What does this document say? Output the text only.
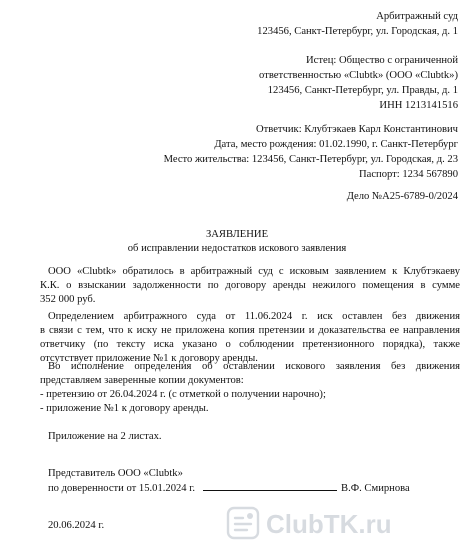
Арбитражный суд
123456, Санкт-Петербург, ул. Городская, д. 1
Истец: Общество с ограниченной
ответственностью «Clubtk» (ООО «Clubtk»)
123456, Санкт-Петербург, ул. Правды, д. 1
ИНН 1213141516
Ответчик: Клубтэкаев Карл Константинович
Дата, место рождения: 01.02.1990, г. Санкт-Петербург
Место жительства: 123456, Санкт-Петербург, ул. Городская, д. 23
Паспорт: 1234 567890
Дело №А25-6789-0/2024
ЗАЯВЛЕНИЕ
об исправлении недостатков искового заявления
ООО «Clubtk» обратилось в арбитражный суд с исковым заявлением к Клубтэкаеву
К.К. о взыскании задолженности по договору аренды нежилого помещения в сумме
352 000 руб.
Определением арбитражного суда от 11.06.2024 г. иск оставлен без движения
в связи с тем, что к иску не приложена копия претензии и доказательства ее направления
ответчику (по тексту иска указано о соблюдении претензионного порядка), также
отсутствует приложение №1 к договору аренды.
Во исполнение определения об оставлении искового заявления без движения
представляем заверенные копии документов:
- претензию от 26.04.2024 г. (с отметкой о получении нарочно);
- приложение №1 к договору аренды.
Приложение на 2 листах.
Представитель ООО «Clubtk»
по доверенности от 15.01.2024 г.	В.Ф. Смирнова
20.06.2024 г.	ClubTK.ru
